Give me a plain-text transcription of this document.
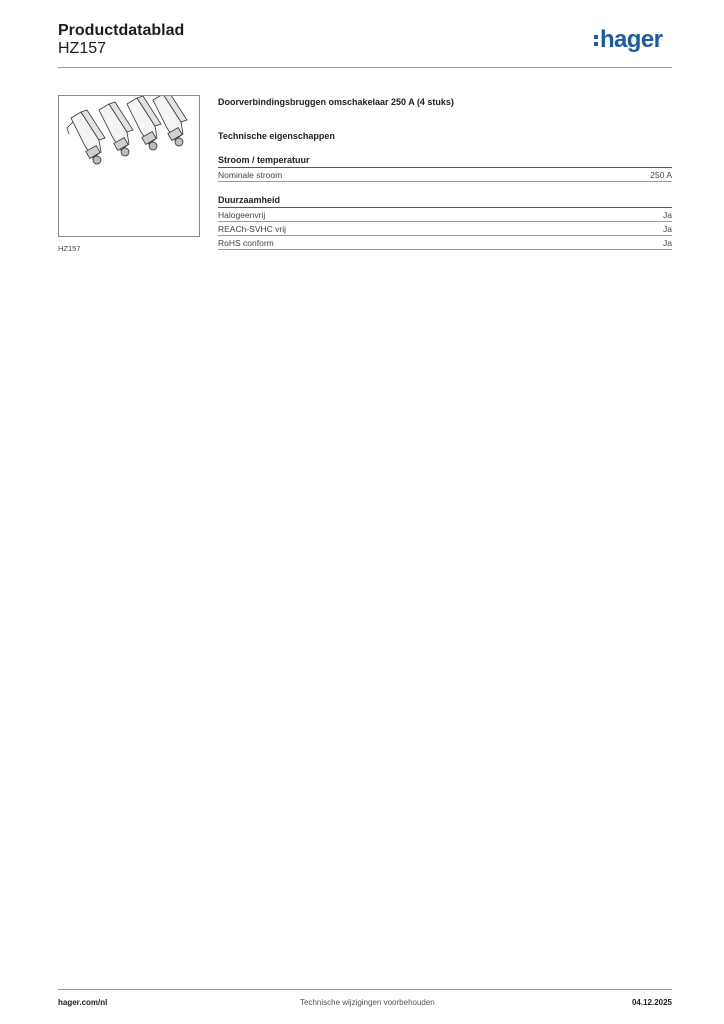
Productdatablad
HZ157	hager
HZ157
Doorverbindingsbruggen omschakelaar 250 A (4 stuks)
Technische eigenschappen
Stroom / temperatuur
Nominale stroom	250 A
Duurzaamheid
Halogeenvrij	Ja
REACh-SVHC vrij	Ja
RoHS conform	Ja
hager.com/nl	Technische wijzigingen voorbehouden	04.12.2025
